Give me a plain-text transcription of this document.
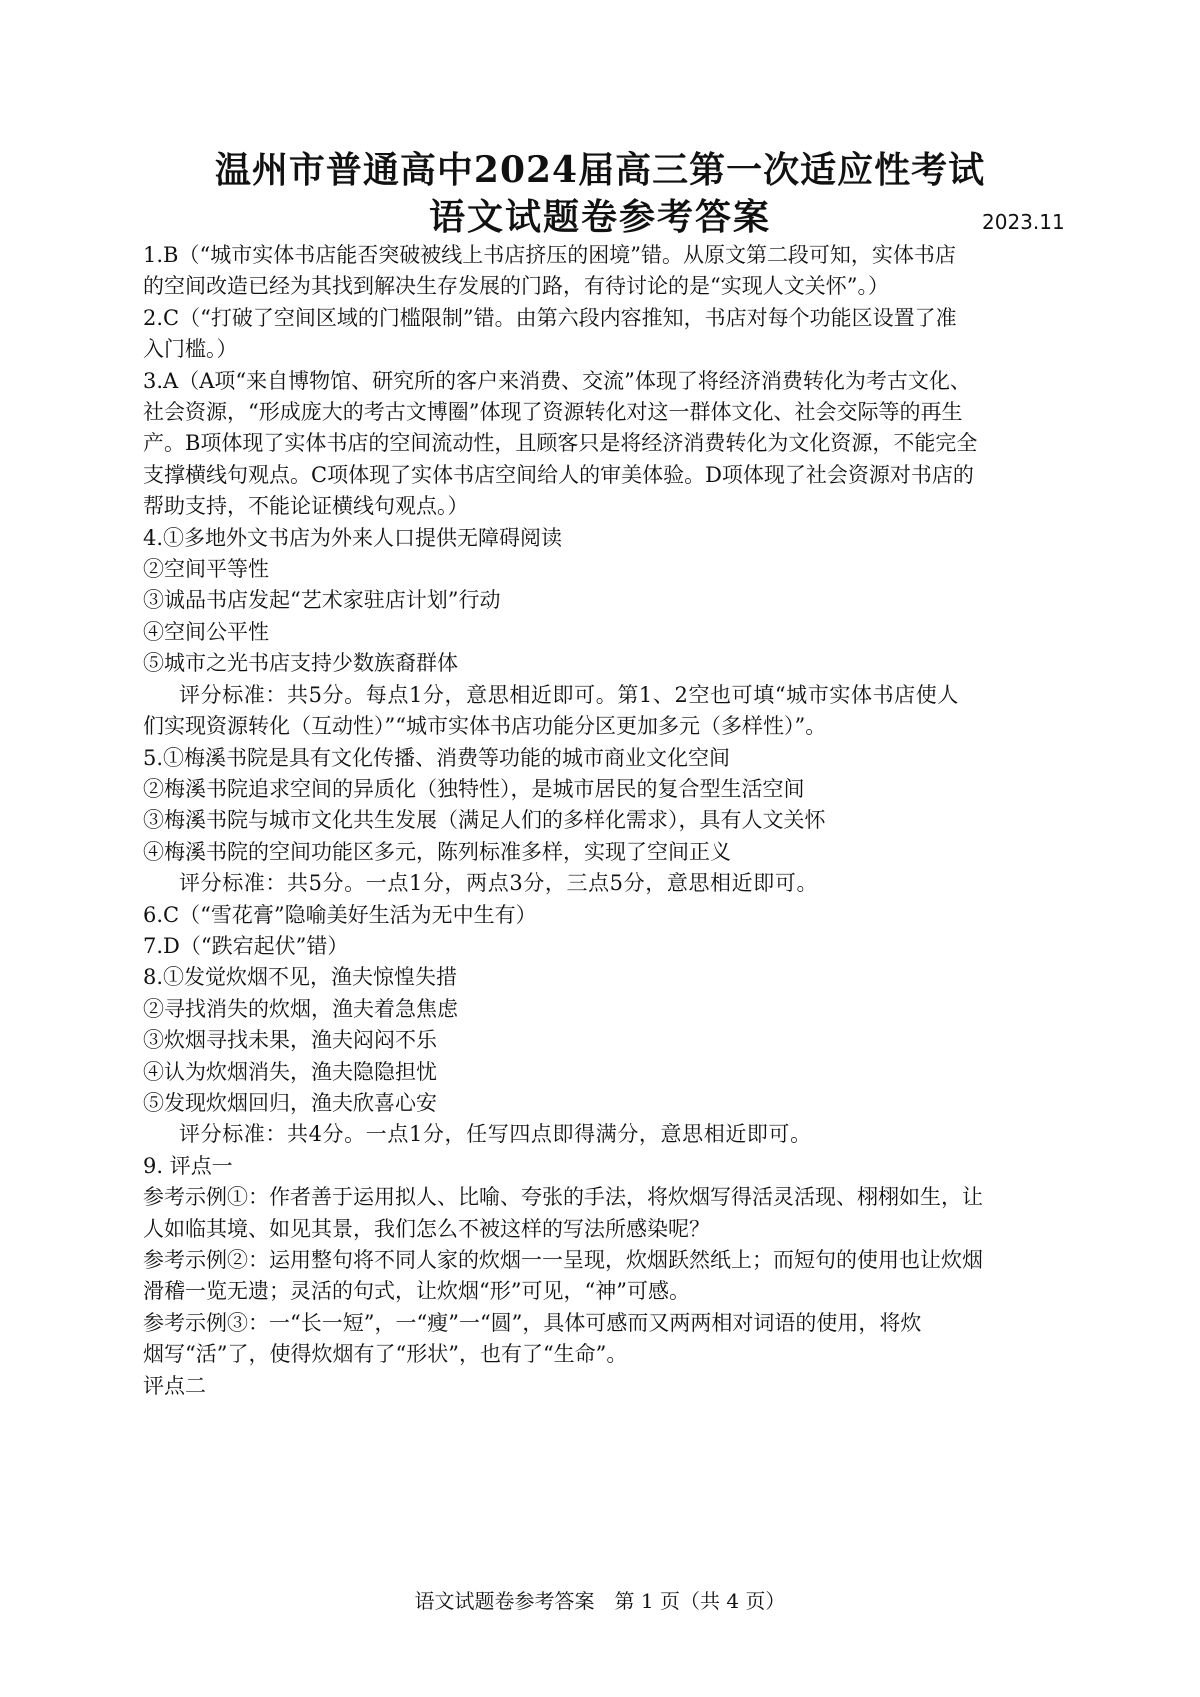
温州市普通高中2024届高三第一次适应性考试
语文试题卷参考答案	2023.11

1.B（“城市实体书店能否突破被线上书店挤压的困境”错。从原文第二段可知，实体书店

的空间改造已经为其找到解决生存发展的门路，有待讨论的是“实现人文关怀”。）

2.C（“打破了空间区域的门槛限制”错。由第六段内容推知，书店对每个功能区设置了准

入门槛。）

3.A（A项“来自博物馆、研究所的客户来消费、交流”体现了将经济消费转化为考古文化、

社会资源，“形成庞大的考古文博圈”体现了资源转化对这一群体文化、社会交际等的再生

产。B项体现了实体书店的空间流动性，且顾客只是将经济消费转化为文化资源，不能完全

支撑横线句观点。C项体现了实体书店空间给人的审美体验。D项体现了社会资源对书店的

帮助支持，不能论证横线句观点。）

4.①多地外文书店为外来人口提供无障碍阅读

②空间平等性

③诚品书店发起“艺术家驻店计划”行动

④空间公平性

⑤城市之光书店支持少数族裔群体

评分标准：共5分。每点1分，意思相近即可。第1、2空也可填“城市实体书店使人

们实现资源转化（互动性）”“城市实体书店功能分区更加多元（多样性）”。

5.①梅溪书院是具有文化传播、消费等功能的城市商业文化空间

②梅溪书院追求空间的异质化（独特性），是城市居民的复合型生活空间

③梅溪书院与城市文化共生发展（满足人们的多样化需求），具有人文关怀

④梅溪书院的空间功能区多元，陈列标准多样，实现了空间正义

评分标准：共5分。一点1分，两点3分，三点5分，意思相近即可。

6.C（“雪花膏”隐喻美好生活为无中生有）

7.D（“跌宕起伏”错）

8.①发觉炊烟不见，渔夫惊惶失措

②寻找消失的炊烟，渔夫着急焦虑

③炊烟寻找未果，渔夫闷闷不乐

④认为炊烟消失，渔夫隐隐担忧

⑤发现炊烟回归，渔夫欣喜心安

评分标准：共4分。一点1分，任写四点即得满分，意思相近即可。

9. 评点一

参考示例①：作者善于运用拟人、比喻、夸张的手法，将炊烟写得活灵活现、栩栩如生，让

人如临其境、如见其景，我们怎么不被这样的写法所感染呢？

参考示例②：运用整句将不同人家的炊烟一一呈现，炊烟跃然纸上；而短句的使用也让炊烟

滑稽一览无遗；灵活的句式，让炊烟“形”可见，“神”可感。

参考示例③：一“长一短”，一“瘦”一“圆”，具体可感而又两两相对词语的使用，将炊

烟写“活”了，使得炊烟有了“形状”，也有了“生命”。

评点二

语文试题卷参考答案　第 1 页（共 4 页）
